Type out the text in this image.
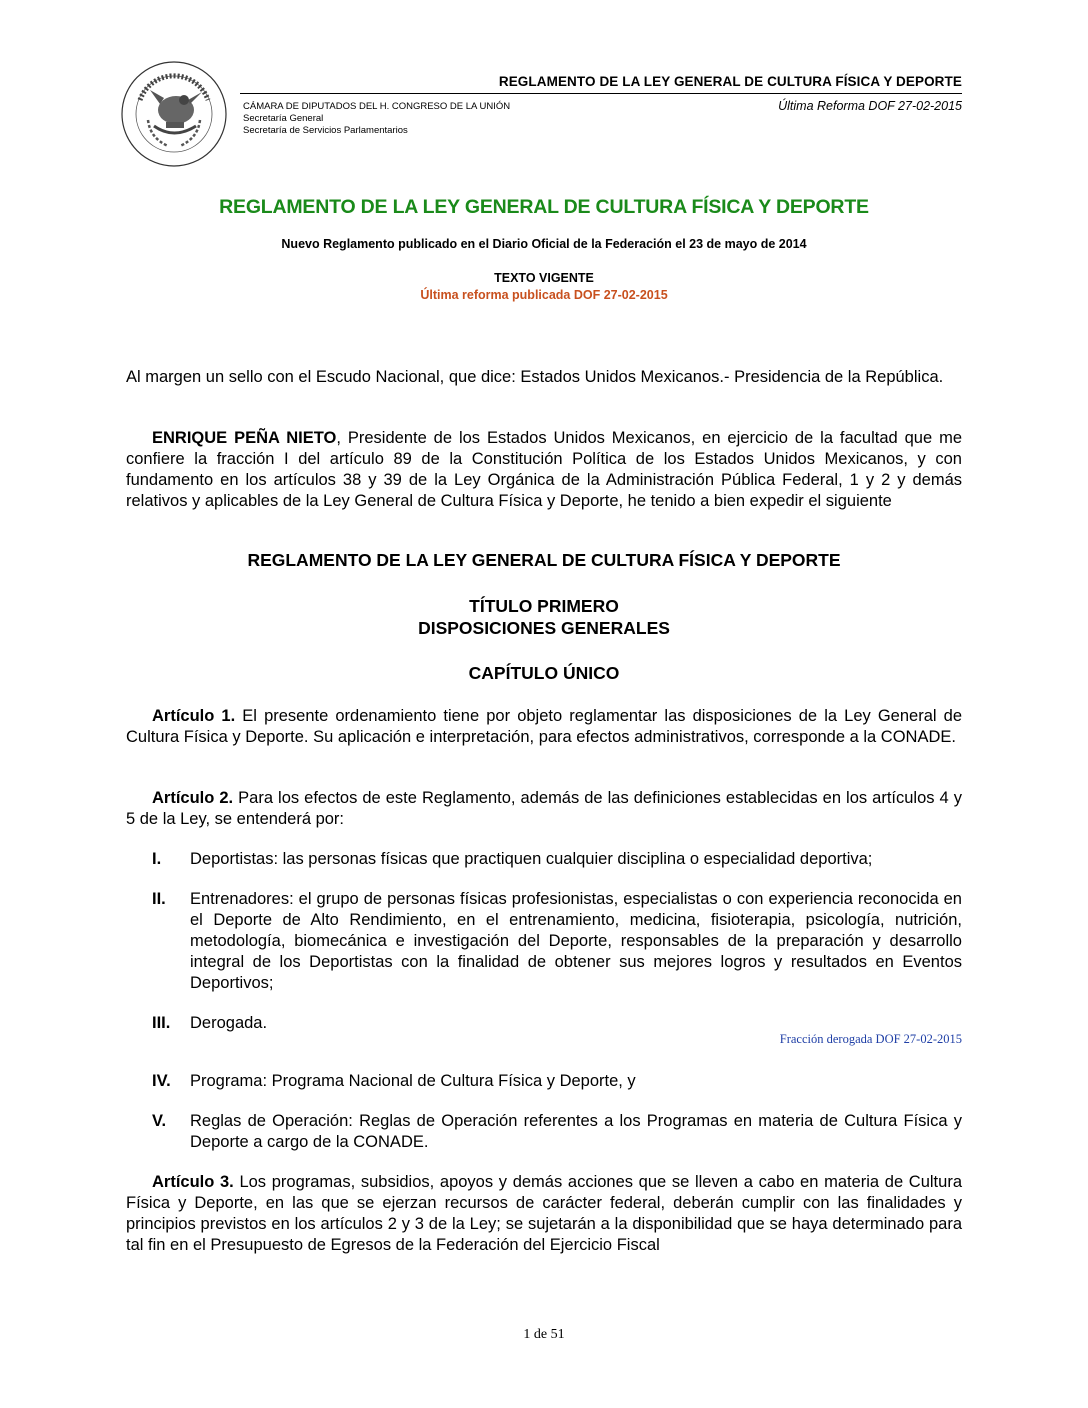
REGLAMENTO DE LA LEY GENERAL DE CULTURA FÍSICA Y DEPORTE
CÁMARA DE DIPUTADOS DEL H. CONGRESO DE LA UNIÓN
Secretaría General
Secretaría de Servicios Parlamentarios
Última Reforma DOF 27-02-2015
REGLAMENTO DE LA LEY GENERAL DE CULTURA FÍSICA Y DEPORTE
Nuevo Reglamento publicado en el Diario Oficial de la Federación el 23 de mayo de 2014
TEXTO VIGENTE
Última reforma publicada DOF 27-02-2015

Al margen un sello con el Escudo Nacional, que dice: Estados Unidos Mexicanos.- Presidencia de la República.

ENRIQUE PEÑA NIETO, Presidente de los Estados Unidos Mexicanos, en ejercicio de la facultad que me confiere la fracción I del artículo 89 de la Constitución Política de los Estados Unidos Mexicanos, y con fundamento en los artículos 38 y 39 de la Ley Orgánica de la Administración Pública Federal, 1 y 2 y demás relativos y aplicables de la Ley General de Cultura Física y Deporte, he tenido a bien expedir el siguiente

REGLAMENTO DE LA LEY GENERAL DE CULTURA FÍSICA Y DEPORTE
TÍTULO PRIMERO
DISPOSICIONES GENERALES
CAPÍTULO ÚNICO

Artículo 1. El presente ordenamiento tiene por objeto reglamentar las disposiciones de la Ley General de Cultura Física y Deporte. Su aplicación e interpretación, para efectos administrativos, corresponde a la CONADE.

Artículo 2. Para los efectos de este Reglamento, además de las definiciones establecidas en los artículos 4 y 5 de la Ley, se entenderá por:

I. Deportistas: las personas físicas que practiquen cualquier disciplina o especialidad deportiva;
II. Entrenadores: el grupo de personas físicas profesionistas, especialistas o con experiencia reconocida en el Deporte de Alto Rendimiento, en el entrenamiento, medicina, fisioterapia, psicología, nutrición, metodología, biomecánica e investigación del Deporte, responsables de la preparación y desarrollo integral de los Deportistas con la finalidad de obtener sus mejores logros y resultados en Eventos Deportivos;
III. Derogada.
Fracción derogada DOF 27-02-2015
IV. Programa: Programa Nacional de Cultura Física y Deporte, y
V. Reglas de Operación: Reglas de Operación referentes a los Programas en materia de Cultura Física y Deporte a cargo de la CONADE.

Artículo 3. Los programas, subsidios, apoyos y demás acciones que se lleven a cabo en materia de Cultura Física y Deporte, en las que se ejerzan recursos de carácter federal, deberán cumplir con las finalidades y principios previstos en los artículos 2 y 3 de la Ley; se sujetarán a la disponibilidad que se haya determinado para tal fin en el Presupuesto de Egresos de la Federación del Ejercicio Fiscal

1 de 51
